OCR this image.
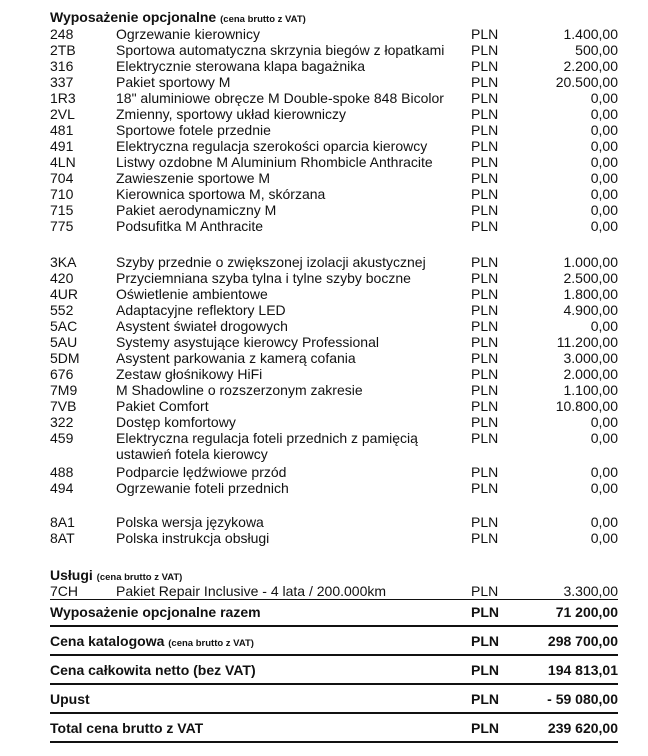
Wyposażenie opcjonalne (cena brutto z VAT)
248	Ogrzewanie kierownicy	PLN	1.400,00
2TB	Sportowa automatyczna skrzynia biegów z łopatkami PLN	500,00
316	Elektrycznie sterowana klapa bagażnika	PLN	2.200,00
337	Pakiet sportowy M	PLN	20.500,00
1R3	18" aluminiowe obręcze M Double-spoke 848 Bicolor PLN	0,00
2VL	Zmienny, sportowy układ kierowniczy	PLN	0,00
481	Sportowe fotele przednie	PLN	0,00
491	Elektryczna regulacja szerokości oparcia kierowcy	PLN	0,00
4LN	Listwy ozdobne M Aluminium Rhombicle Anthracite	PLN	0,00
704	Zawieszenie sportowe M	PLN	0,00
710	Kierownica sportowa M, skórzana	PLN	0,00
715	Pakiet aerodynamiczny M	PLN	0,00
775	Podsufitka M Anthracite	PLN	0,00
3KA	Szyby przednie o zwiększonej izolacji akustycznej	PLN	1.000,00
420	Przyciemniana szyba tylna i tylne szyby boczne	PLN	2.500,00
4UR	Oświetlenie ambientowe	PLN	1.800,00
552	Adaptacyjne reflektory LED	PLN	4.900,00
5AC	Asystent świateł drogowych	PLN	0,00
5AU	Systemy asystujące kierowcy Professional	PLN	11.200,00
5DM	Asystent parkowania z kamerą cofania	PLN	3.000,00
676	Zestaw głośnikowy HiFi	PLN	2.000,00
7M9	M Shadowline o rozszerzonym zakresie	PLN	1.100,00
7VB	Pakiet Comfort	PLN	10.800,00
322	Dostęp komfortowy	PLN	0,00
459	Elektryczna regulacja foteli przednich z pamięcią
ustawień fotela kierowcy
PLN	0,00
488	Podparcie lędźwiowe przód	PLN	0,00
494	Ogrzewanie foteli przednich	PLN	0,00
8A1	Polska wersja językowa	PLN	0,00
8AT	Polska instrukcja obsługi	PLN	0,00
Usługi (cena brutto z VAT)
7CH	Pakiet Repair Inclusive - 4 lata / 200.000km	PLN	3.300,00
Wyposażenie opcjonalne razem	PLN	71 200,00
Cena katalogowa (cena brutto z VAT)	PLN	298 700,00
Cena całkowita netto (bez VAT)	PLN	194 813,01
Upust	PLN	- 59 080,00
Total cena brutto z VAT	PLN	239 620,00
